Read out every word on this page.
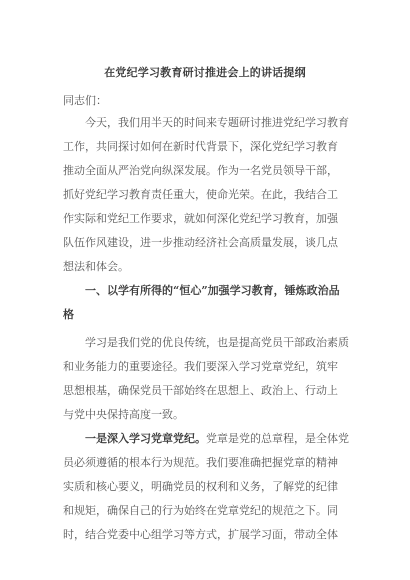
在党纪学习教育研讨推进会上的讲话提纲
同志们：
今天，我们用半天的时间来专题研讨推进党纪学习教育
工作，共同探讨如何在新时代背景下，深化党纪学习教育
推动全面从严治党向纵深发展。作为一名党员领导干部，
抓好党纪学习教育责任重大，使命光荣。在此，我结合工
作实际和党纪工作要求，就如何深化党纪学习教育，加强
队伍作风建设，进一步推动经济社会高质量发展，谈几点
想法和体会。
一、以学有所得的“恒心”加强学习教育，锤炼政治品
格
学习是我们党的优良传统，也是提高党员干部政治素质
和业务能力的重要途径。我们要深入学习党章党纪，筑牢
思想根基，确保党员干部始终在思想上、政治上、行动上
与党中央保持高度一致。
一是深入学习党章党纪。党章是党的总章程，是全体党
员必须遵循的根本行为规范。我们要准确把握党章的精神
实质和核心要义，明确党员的权利和义务，了解党的纪律
和规矩，确保自己的行为始终在党章党纪的规范之下。同
时，结合党委中心组学习等方式，扩展学习面，带动全体
